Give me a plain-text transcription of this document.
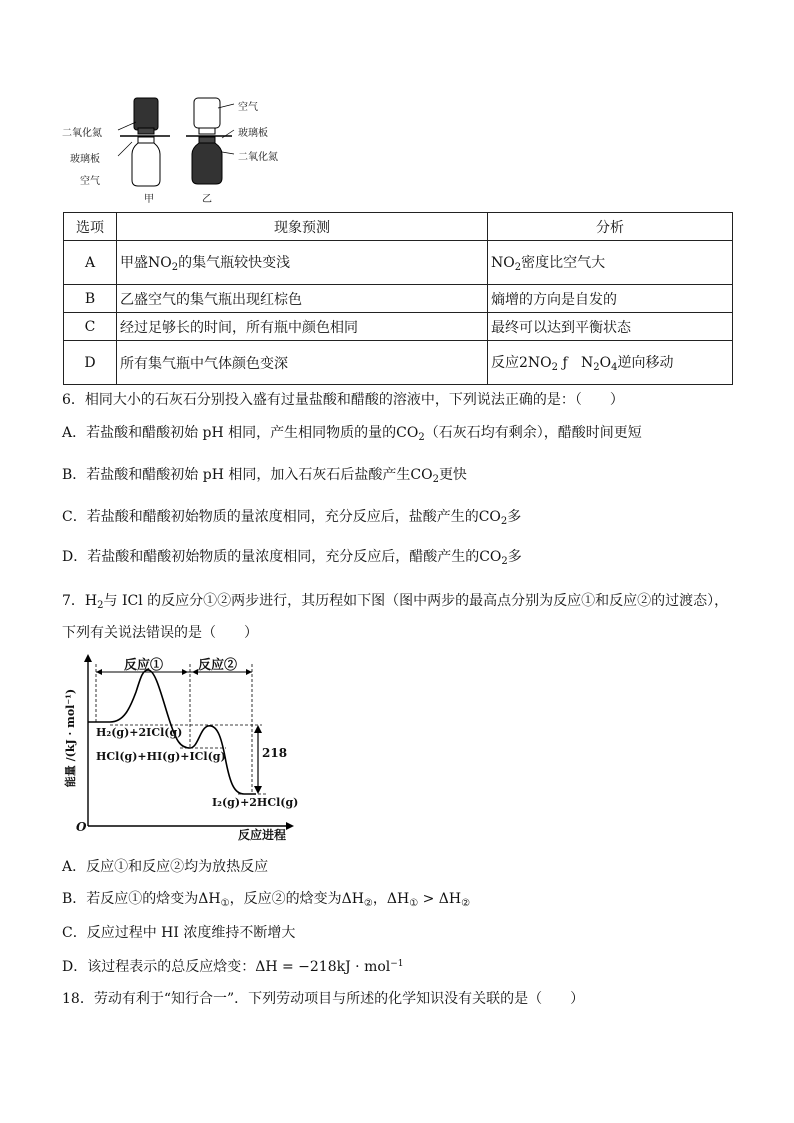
二氧化氮
玻璃板
空气
空气
玻璃板
二氧化氮
甲	乙
选项	现象预测	分析
A	甲盛$NO_2$的集气瓶较快变浅	$NO_2$密度比空气大
B	乙盛空气的集气瓶出现红棕色	熵增的方向是自发的
C	经过足够长的时间，所有瓶中颜色相同	最终可以达到平衡状态
D	所有集气瓶中气体颜色变深	反应$2NO_2$ ƒ   $N_2O_4$逆向移动
6．相同大小的石灰石分别投入盛有过量盐酸和醋酸的溶液中，下列说法正确的是：（　　）
A．若盐酸和醋酸初始 pH 相同，产生相同物质的量的$CO_2$（石灰石均有剩余），醋酸时间更短
B．若盐酸和醋酸初始 pH 相同，加入石灰石后盐酸产生$CO_2$更快
C．若盐酸和醋酸初始物质的量浓度相同，充分反应后，盐酸产生的$CO_2$多
D．若盐酸和醋酸初始物质的量浓度相同，充分反应后，醋酸产生的$CO_2$多
7．$H_2$与 ICl 的反应分①②两步进行，其历程如下图（图中两步的最高点分别为反应①和反应②的过渡态），
下列有关说法错误的是（　　）
反应①	反应②
能量 /(kJ · mol⁻¹) H₂(g)+2ICl(g)
HCl(g)+HI(g)+ICl(g)	218
I₂(g)+2HCl(g)
O
反应进程
A．反应①和反应②均为放热反应
B．若反应①的焓变为$\Delta H_①$，反应②的焓变为$\Delta H_②$，$\Delta H_① > \Delta H_②$
C．反应过程中 HI 浓度维持不断增大
D．该过程表示的总反应焓变：ΔH = −218kJ · mol$^{-1}$
18．劳动有利于“知行合一”．下列劳动项目与所述的化学知识没有关联的是（　　）
